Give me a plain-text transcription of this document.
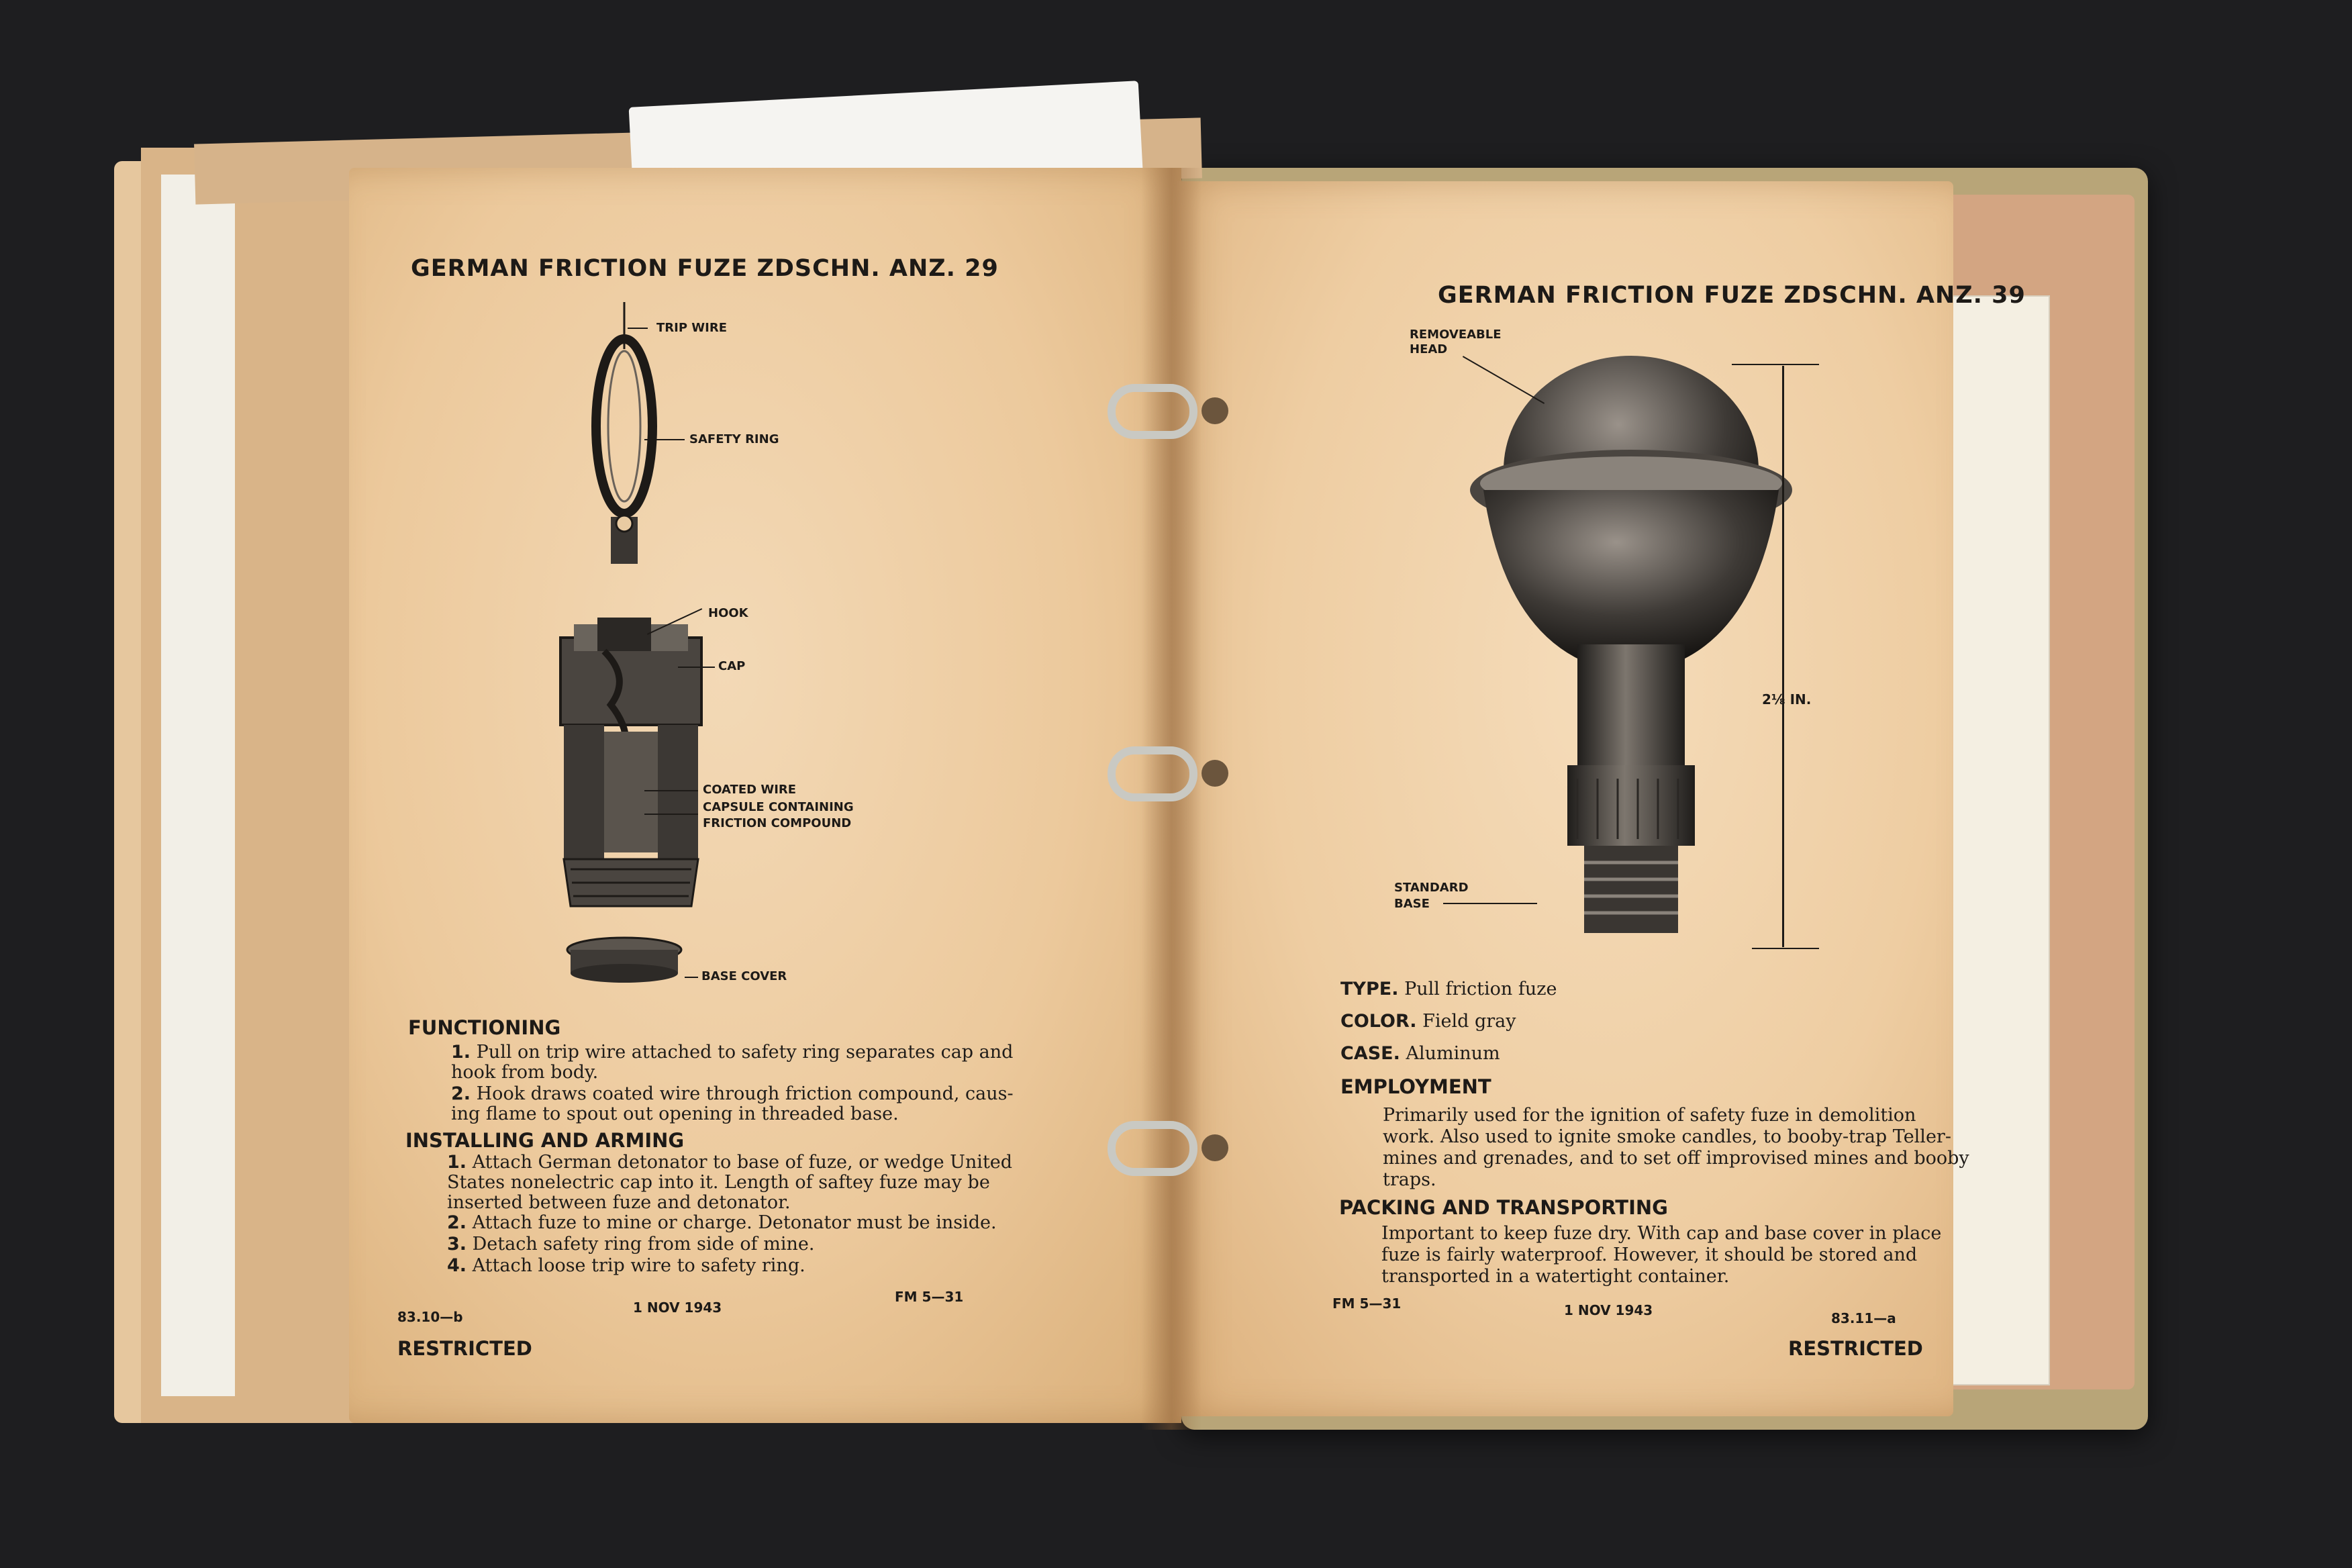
GERMAN FRICTION FUZE ZDSCHN. ANZ. 29
TRIP WIRE
SAFETY RING
HOOK
CAP
COATED WIRE
CAPSULE CONTAINING
FRICTION COMPOUND
BASE COVER
FUNCTIONING
1. Pull on trip wire attached to safety ring separates cap and
hook from body.
2. Hook draws coated wire through friction compound, caus-
ing flame to spout out opening in threaded base.
INSTALLING AND ARMING
1. Attach German detonator to base of fuze, or wedge United
States nonelectric cap into it. Length of saftey fuze may be
inserted between fuze and detonator.
2. Attach fuze to mine or charge. Detonator must be inside.
3. Detach safety ring from side of mine.
4. Attach loose trip wire to safety ring.
83.10—b
1 NOV 1943
FM 5—31
RESTRICTED
GERMAN FRICTION FUZE ZDSCHN. ANZ. 39
2⅛ IN.
REMOVEABLE
HEAD
STANDARD
BASE
TYPE. Pull friction fuze
COLOR. Field gray
CASE. Aluminum
EMPLOYMENT
Primarily used for the ignition of safety fuze in demolition
work. Also used to ignite smoke candles, to booby-trap Teller-
mines and grenades, and to set off improvised mines and booby
traps.
PACKING AND TRANSPORTING
Important to keep fuze dry. With cap and base cover in place
fuze is fairly waterproof. However, it should be stored and
transported in a watertight container.
FM 5—31	1 NOV 1943	83.11—a
RESTRICTED
